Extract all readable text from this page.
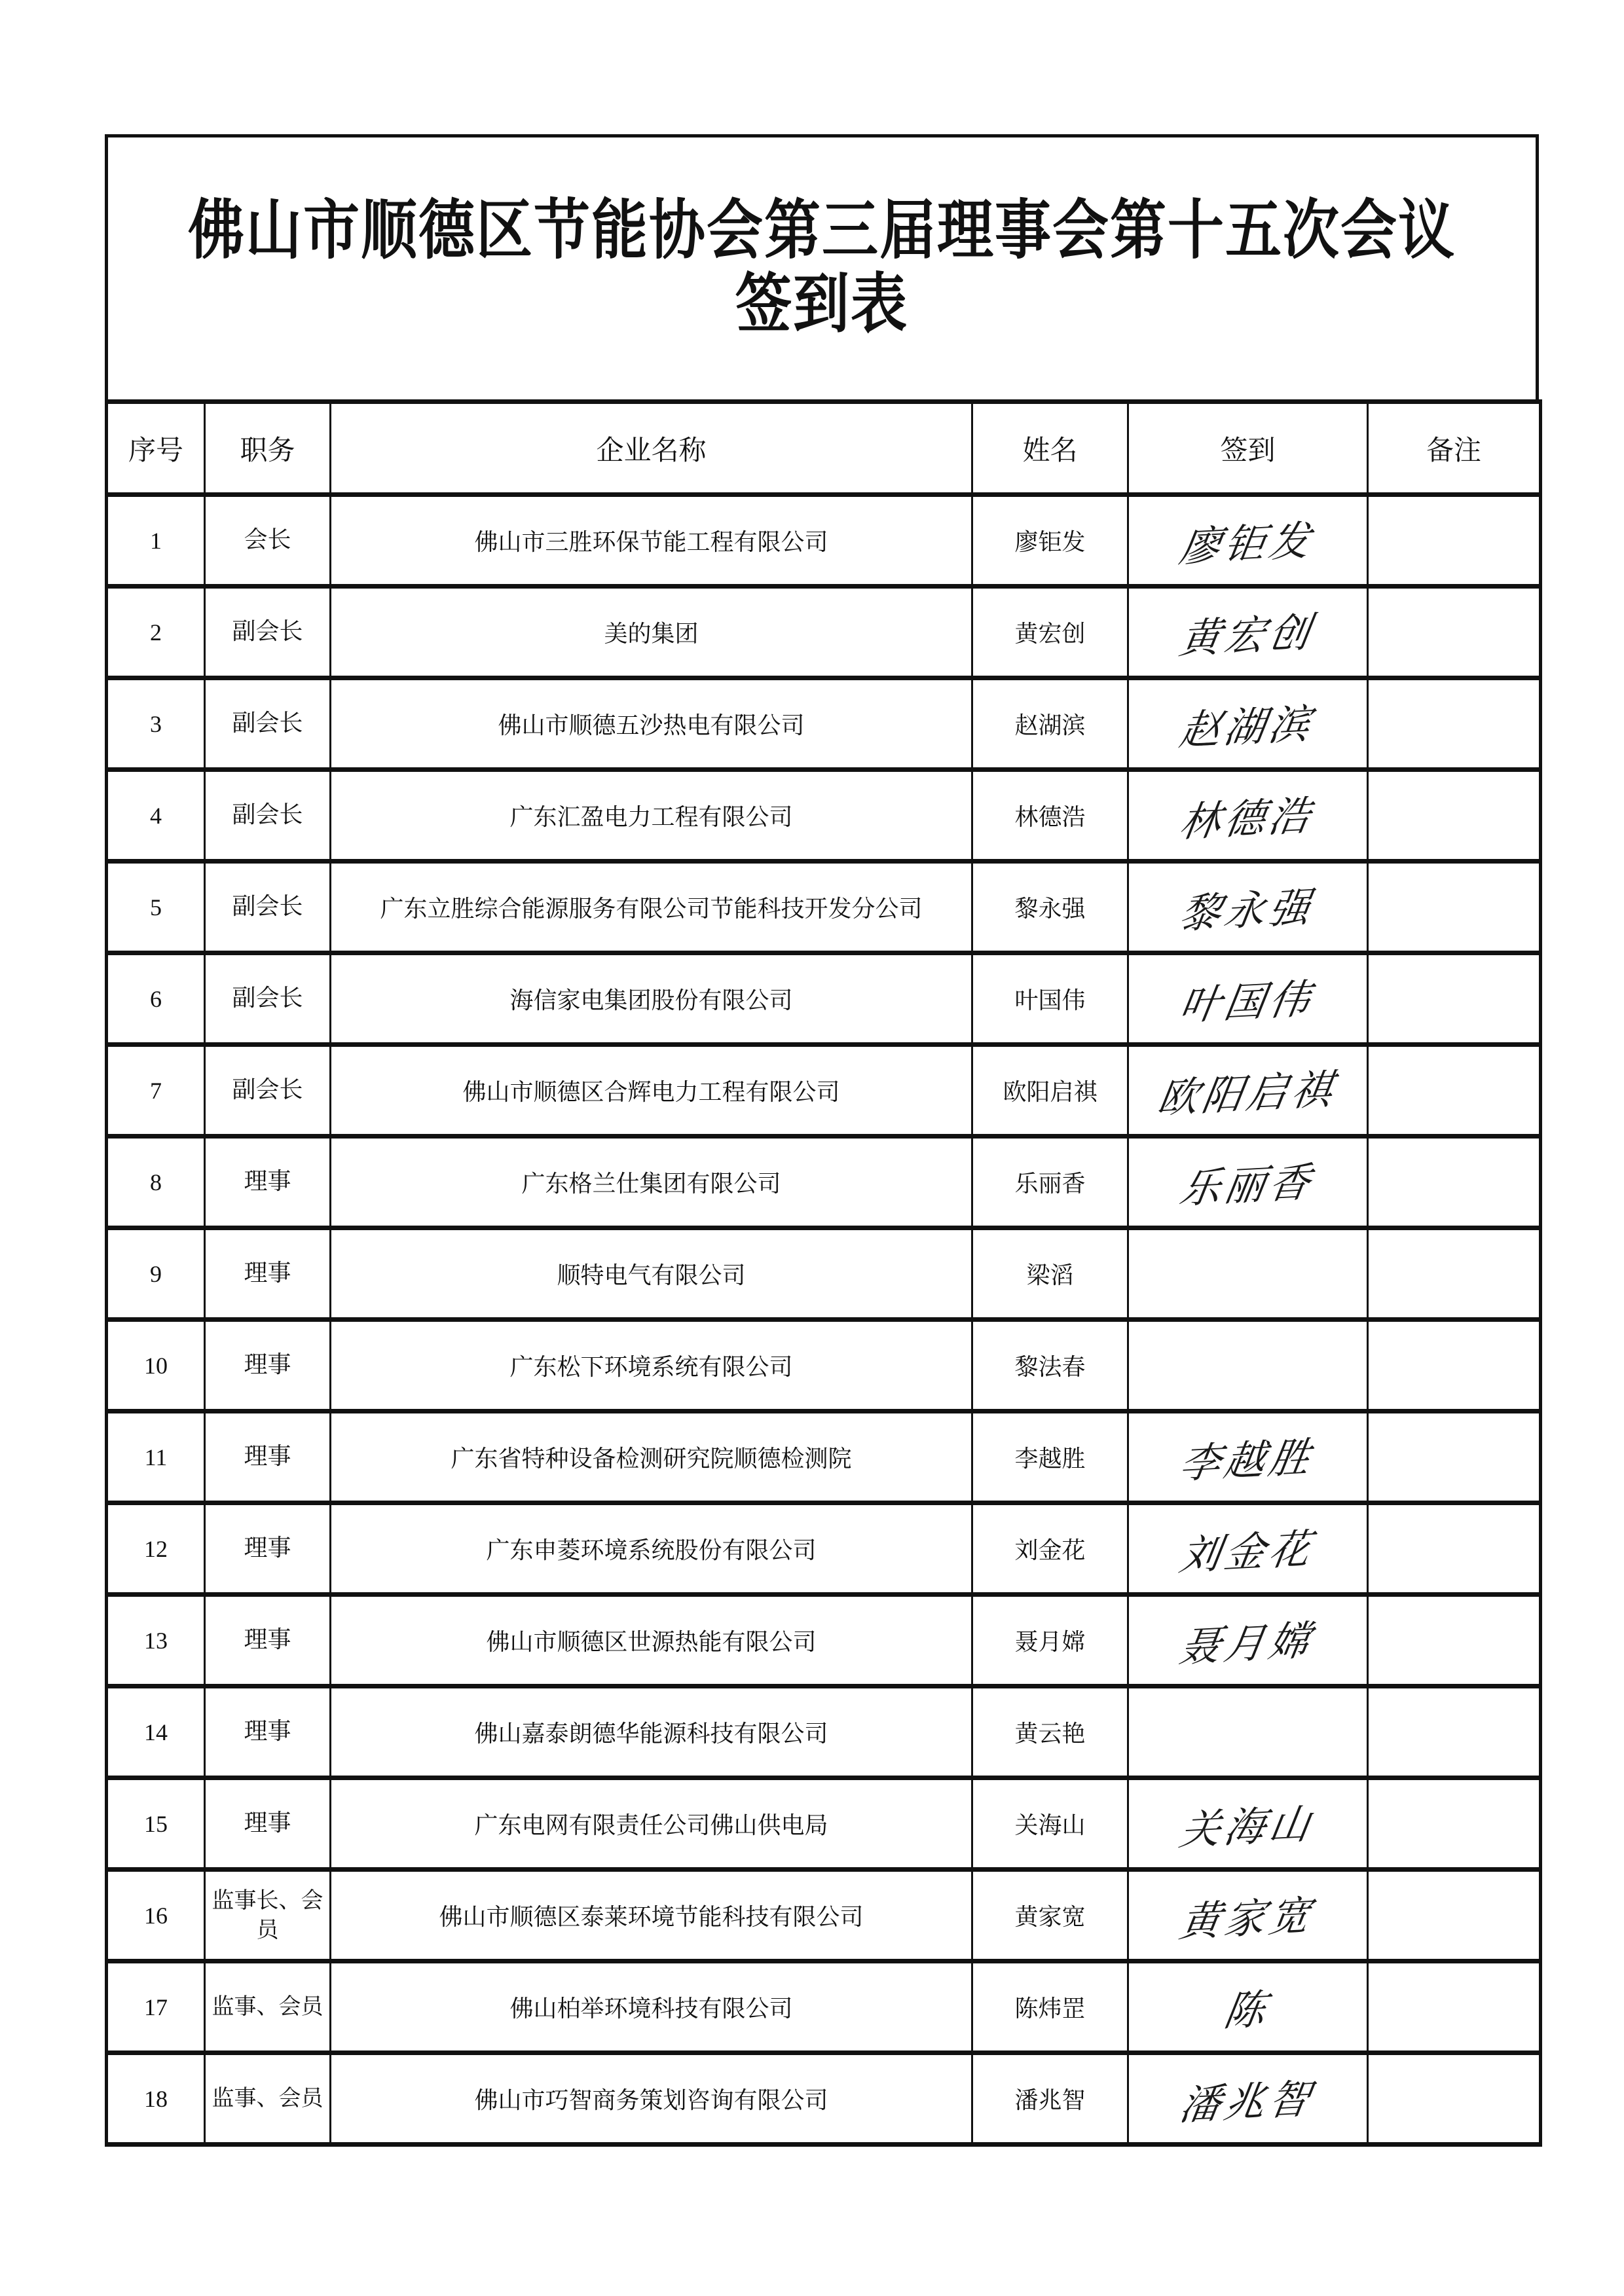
佛山市顺德区节能协会第三届理事会第十五次会议
签到表
序号	职务	企业名称	姓名	签到	备注
1	会长	佛山市三胜环保节能工程有限公司	廖钜发	廖钜发	
2	副会长	美的集团	黄宏创	黄宏创	
3	副会长	佛山市顺德五沙热电有限公司	赵湖滨	赵湖滨	
4	副会长	广东汇盈电力工程有限公司	林德浩	林德浩	
5	副会长	广东立胜综合能源服务有限公司节能科技开发分公司	黎永强	黎永强	
6	副会长	海信家电集团股份有限公司	叶国伟	叶国伟	
7	副会长	佛山市顺德区合辉电力工程有限公司	欧阳启祺	欧阳启祺	
8	理事	广东格兰仕集团有限公司	乐丽香	乐丽香	
9	理事	顺特电气有限公司	梁滔		
10	理事	广东松下环境系统有限公司	黎法春		
11	理事	广东省特种设备检测研究院顺德检测院	李越胜	李越胜	
12	理事	广东申菱环境系统股份有限公司	刘金花	刘金花	
13	理事	佛山市顺德区世源热能有限公司	聂月嫦	聂月嫦	
14	理事	佛山嘉泰朗德华能源科技有限公司	黄云艳		
15	理事	广东电网有限责任公司佛山供电局	关海山	关海山	
16	监事长、会员	佛山市顺德区泰莱环境节能科技有限公司	黄家宽	黄家宽	
17	监事、会员	佛山柏举环境科技有限公司	陈炜罡	陈	
18	监事、会员	佛山市巧智商务策划咨询有限公司	潘兆智	潘兆智	
